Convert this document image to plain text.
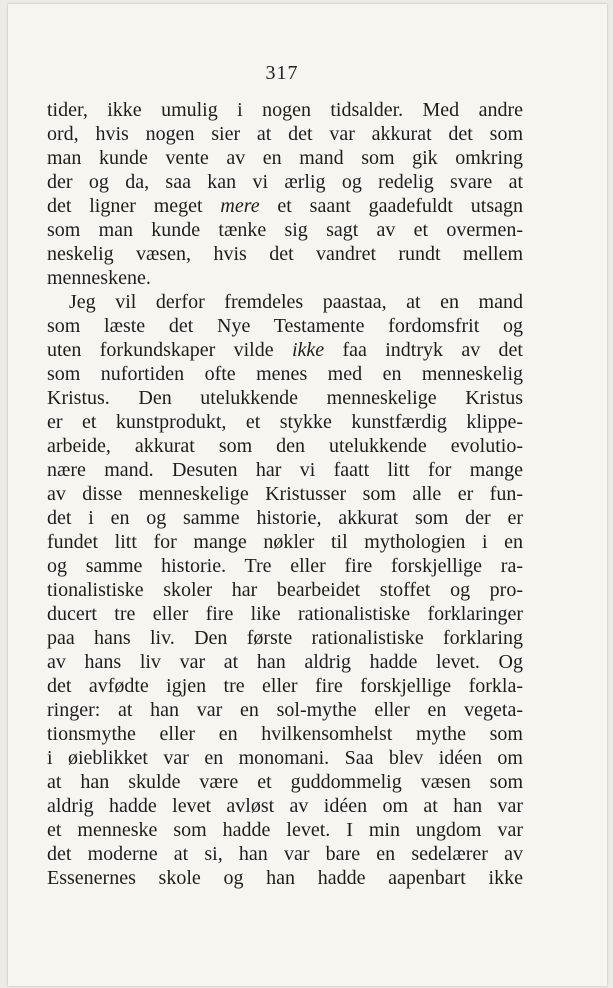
317
tider, ikke umulig i nogen tidsalder. Med andre
ord, hvis nogen sier at det var akkurat det som
man kunde vente av en mand som gik omkring
der og da, saa kan vi ærlig og redelig svare at
det ligner meget mere et saant gaadefuldt utsagn
som man kunde tænke sig sagt av et overmen-
neskelig væsen, hvis det vandret rundt mellem
menneskene.
Jeg vil derfor fremdeles paastaa, at en mand
som læste det Nye Testamente fordomsfrit og
uten forkundskaper vilde ikke faa indtryk av det
som nufortiden ofte menes med en menneskelig
Kristus. Den utelukkende menneskelige Kristus
er et kunstprodukt, et stykke kunstfærdig klippe-
arbeide, akkurat som den utelukkende evolutio-
nære mand. Desuten har vi faatt litt for mange
av disse menneskelige Kristusser som alle er fun-
det i en og samme historie, akkurat som der er
fundet litt for mange nøkler til mythologien i en
og samme historie. Tre eller fire forskjellige ra-
tionalistiske skoler har bearbeidet stoffet og pro-
ducert tre eller fire like rationalistiske forklaringer
paa hans liv. Den første rationalistiske forklaring
av hans liv var at han aldrig hadde levet. Og
det avfødte igjen tre eller fire forskjellige forkla-
ringer: at han var en sol-mythe eller en vegeta-
tionsmythe eller en hvilkensomhelst mythe som
i øieblikket var en monomani. Saa blev idéen om
at han skulde være et guddommelig væsen som
aldrig hadde levet avløst av idéen om at han var
et menneske som hadde levet. I min ungdom var
det moderne at si, han var bare en sedelærer av
Essenernes skole og han hadde aapenbart ikke
